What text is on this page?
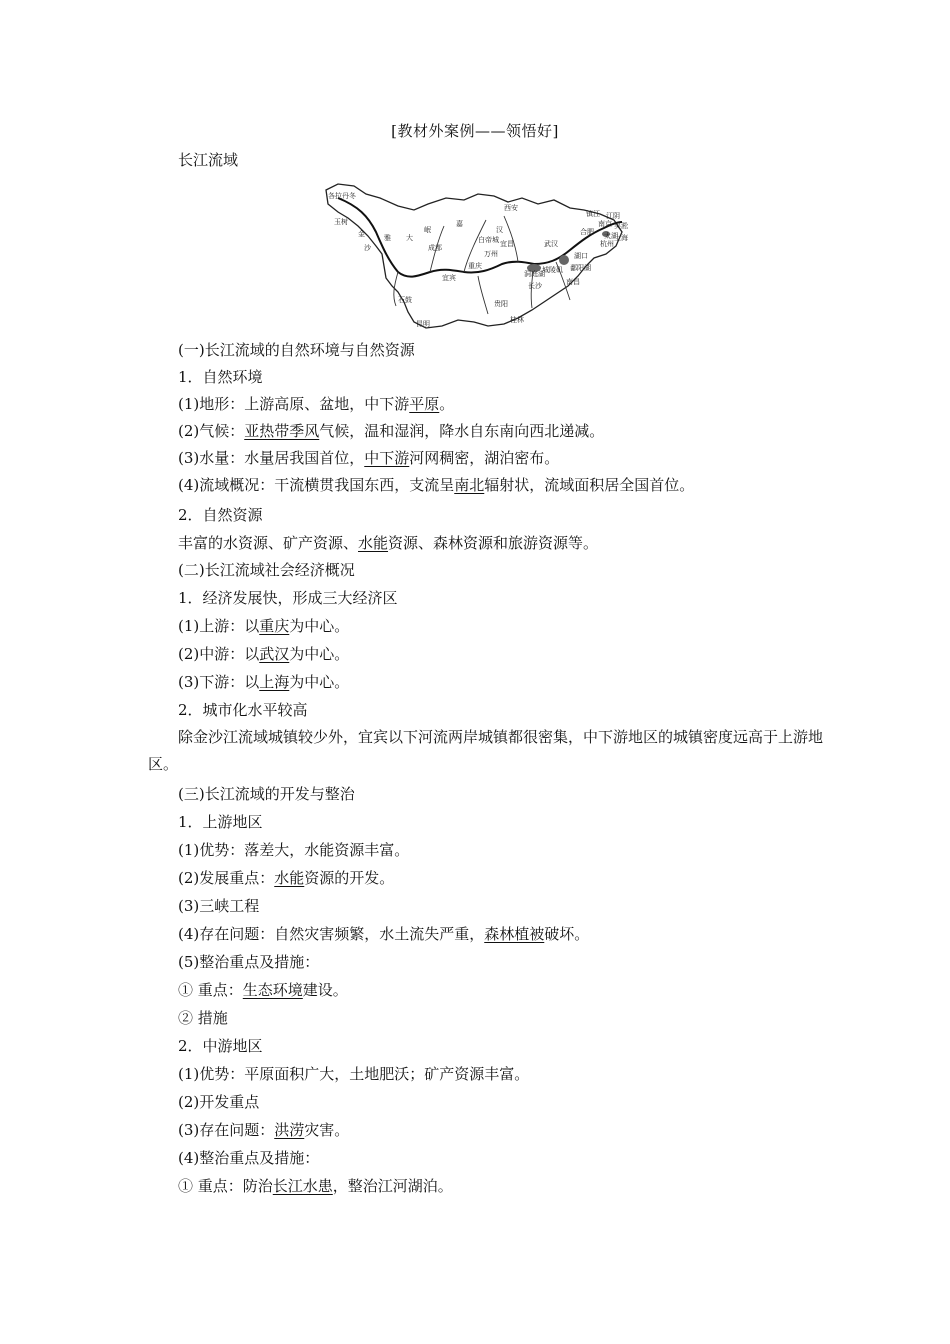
[教材外案例——领悟好]
长江流域
各拉丹冬
玉树
金
沙
雅 大
岷
成都
嘉
西安
汉
白帝城 宜昌	武汉
洞庭湖
城陵矶 鄱阳湖
湖口
南昌
长沙
贵阳
桂林
昆明
石鼓
宜宾
重庆
万州
合肥
南京
镇江 江阴
吴淞
上海
杭州
太湖
(一)长江流域的自然环境与自然资源
1．自然环境
(1)地形：上游高原、盆地，中下游平原。
(2)气候：亚热带季风气候，温和湿润，降水自东南向西北递减。
(3)水量：水量居我国首位，中下游河网稠密，湖泊密布。
(4)流域概况：干流横贯我国东西，支流呈南北辐射状，流域面积居全国首位。
2．自然资源
丰富的水资源、矿产资源、水能资源、森林资源和旅游资源等。
(二)长江流域社会经济概况
1．经济发展快，形成三大经济区
(1)上游：以重庆为中心。
(2)中游：以武汉为中心。
(3)下游：以上海为中心。
2．城市化水平较高
除金沙江流域城镇较少外，宜宾以下河流两岸城镇都很密集，中下游地区的城镇密度远高于上游地区。
(三)长江流域的开发与整治
1．上游地区
(1)优势：落差大，水能资源丰富。
(2)发展重点：水能资源的开发。
(3)三峡工程
(4)存在问题：自然灾害频繁，水土流失严重，森林植被破坏。
(5)整治重点及措施：
① 重点：生态环境建设。
② 措施
2．中游地区
(1)优势：平原面积广大，土地肥沃；矿产资源丰富。
(2)开发重点
(3)存在问题：洪涝灾害。
(4)整治重点及措施：
① 重点：防治长江水患，整治江河湖泊。
